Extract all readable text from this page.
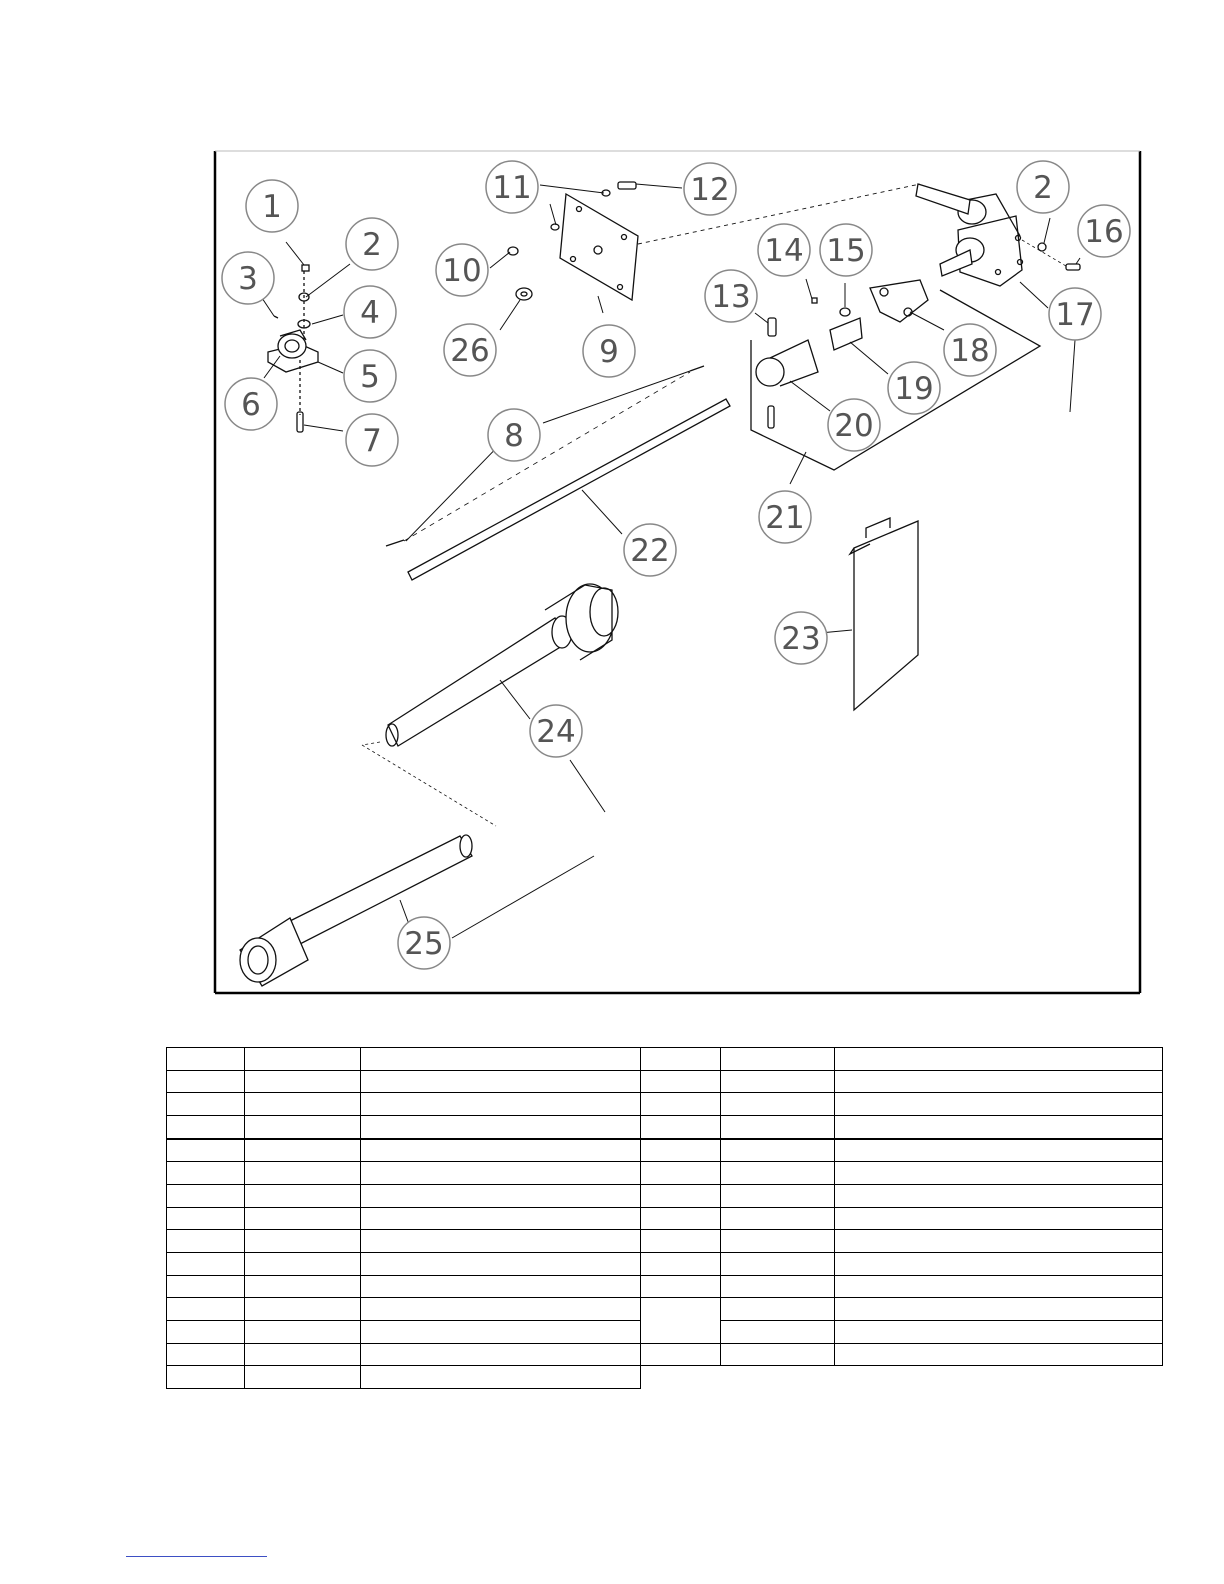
1
2
3
4
5
6
7	8
9
10
11	12
13
14 15
16
17
18
19
20
21
22
23
24
25
26
2
